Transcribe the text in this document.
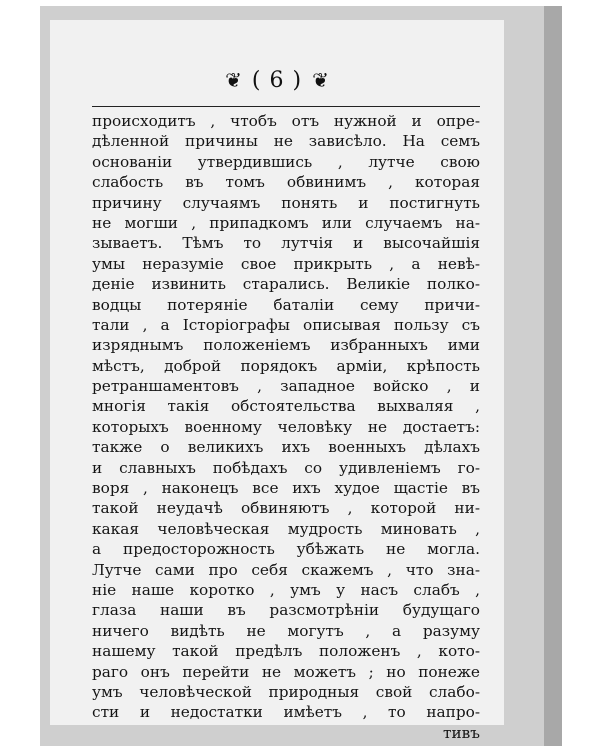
❦ ( 6 ) ❦
происходитъ , чтобъ отъ нужной и опре-
дѣленной причины не зависѣло. На семъ
основаніи утвердившись , лутче свою
слабость въ томъ обвинимъ , которая
причину случаямъ понять и постигнуть
не могши , припадкомъ или случаемъ на-
зываетъ. Тѣмъ то лутчія и высочайшія
умы неразуміе свое прикрыть , а невѣ-
деніе извинить старались. Великіе полко-
водцы потеряніе баталіи сему причи-
тали , а Історіографы описывая пользу съ
изряднымъ положеніемъ избранныхъ ими
мѣстъ, доброй порядокъ арміи, крѣпость
ретраншаментовъ , западное войско , и
многія такія обстоятельства выхваляя ,
которыхъ военному человѣку не достаетъ:
также о великихъ ихъ военныхъ дѣлахъ
и славныхъ побѣдахъ со удивленіемъ го-
воря , наконецъ все ихъ худое щастіе въ
такой неудачѣ обвиняютъ , которой ни-
какая человѣческая мудрость миновать ,
а предосторожность убѣжать не могла.
Лутче сами про себя скажемъ , что зна-
ніе наше коротко , умъ у насъ слабъ ,
глаза наши въ разсмотрѣніи будущаго
ничего видѣть не могутъ , а разуму
нашему такой предѣлъ положенъ , кото-
раго онъ перейти не можетъ ; но понеже
умъ человѣческой природныя свой слабо-
сти и недостатки имѣетъ , то напро-
тивъ
